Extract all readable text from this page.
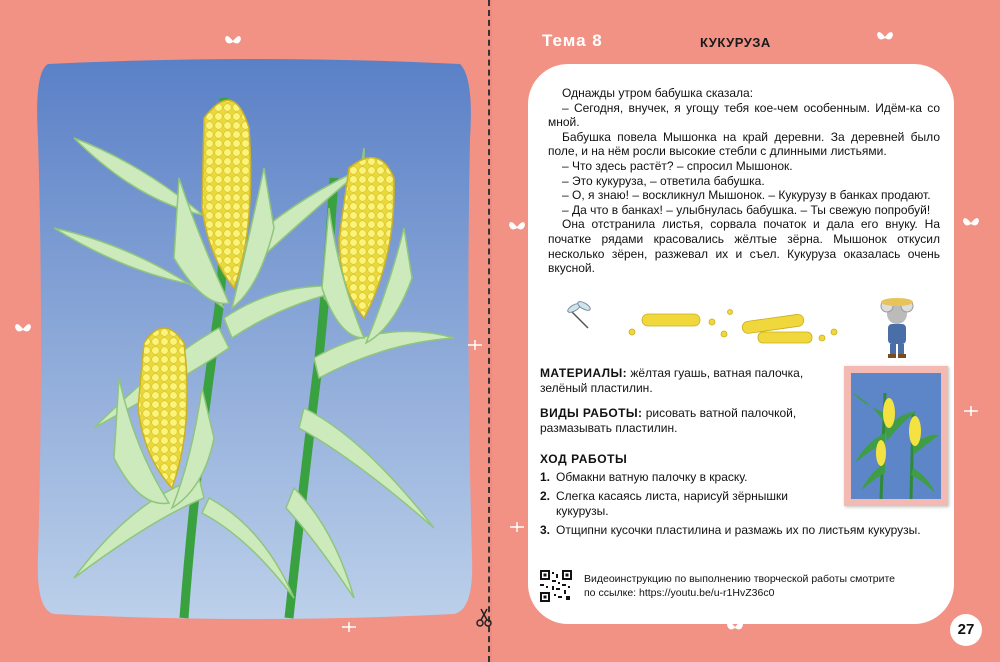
Тема 8	КУКУРУЗА

Однажды утром бабушка сказала:

– Сегодня, внучек, я угощу тебя кое-чем особенным. Идём-ка со мной.

Бабушка повела Мышонка на край деревни. За деревней было поле, и на нём росли высокие стебли с длинными листьями.

– Что здесь растёт? – спросил Мышонок.

– Это кукуруза, – ответила бабушка.

– О, я знаю! – воскликнул Мышонок. – Кукурузу в банках продают.

– Да что в банках! – улыбнулась бабушка. – Ты свежую попробуй!

Она отстранила листья, сорвала початок и дала его внуку. На початке рядами красовались жёлтые зёрна. Мышонок откусил несколько зёрен, разжевал их и съел. Кукуруза оказалась очень вкусной.

МАТЕРИАЛЫ: жёлтая гуашь, ватная палочка, зелёный пластилин.
ВИДЫ РАБОТЫ: рисовать ватной палочкой, размазывать пластилин.
ХОД РАБОТЫ
1. Обмакни ватную палочку в краску.
2. Слегка касаясь листа, нарисуй зёрнышки кукурузы.
3. Отщипни кусочки пластилина и размажь их по листьям кукурузы.
Видеоинструкцию по выполнению творческой работы смотрите
по ссылке: https://youtu.be/u-r1HvZ36c0
27
